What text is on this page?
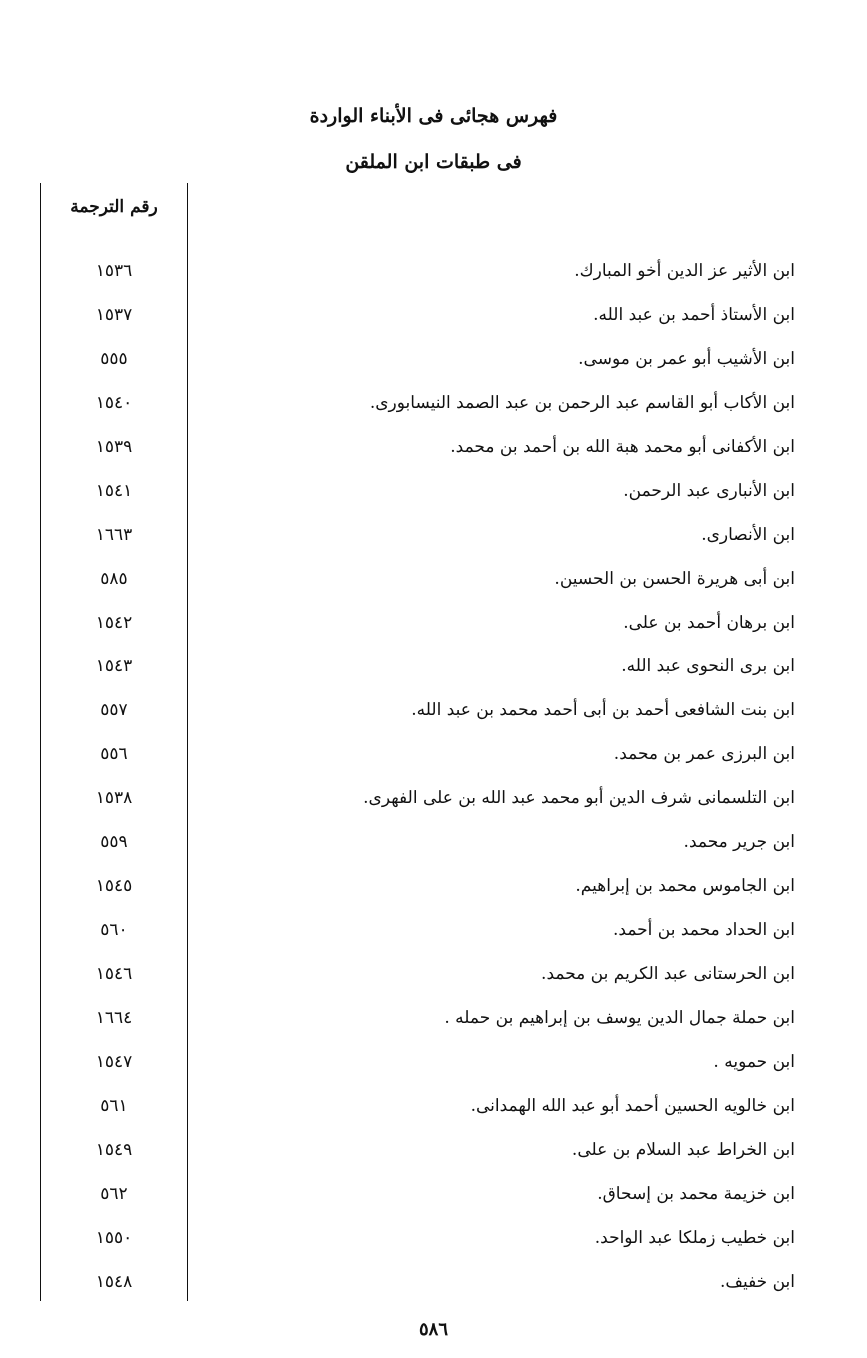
فهرس هجائى فى الأبناء الواردة
فى طبقات ابن الملقن
رقم الترجمة
ابن الأثير عز الدين أخو المبارك.
١٥٣٦
ابن الأستاذ أحمد بن عبد الله.
١٥٣٧
ابن الأشيب أبو عمر بن موسى.
٥٥٥
ابن الأكاب أبو القاسم عبد الرحمن بن عبد الصمد النيسابورى.
١٥٤٠
ابن الأكفانى أبو محمد هبة الله بن أحمد بن محمد.
١٥٣٩
ابن الأنبارى عبد الرحمن.
١٥٤١
ابن الأنصارى.
١٦٦٣
ابن أبى هريرة الحسن بن الحسين.
٥٨٥
ابن برهان أحمد بن على.
١٥٤٢
ابن برى النحوى عبد الله.
١٥٤٣
ابن بنت الشافعى أحمد بن أبى أحمد محمد بن عبد الله.
٥٥٧
ابن البرزى عمر بن محمد.
٥٥٦
ابن التلسمانى شرف الدين أبو محمد عبد الله بن على الفهرى.
١٥٣٨
ابن جرير محمد.
٥٥٩
ابن الجاموس محمد بن إبراهيم.
١٥٤٥
ابن الحداد محمد بن أحمد.
٥٦٠
ابن الحرستانى عبد الكريم بن محمد.
١٥٤٦
ابن حملة جمال الدين يوسف بن إبراهيم بن حمله .
١٦٦٤
ابن حمويه .
١٥٤٧
ابن خالويه الحسين أحمد أبو عبد الله الهمدانى.
٥٦١
ابن الخراط عبد السلام بن على.
١٥٤٩
ابن خزيمة محمد بن إسحاق.
٥٦٢
ابن خطيب زملكا عبد الواحد.
١٥٥٠
ابن خفيف.
١٥٤٨
٥٨٦
